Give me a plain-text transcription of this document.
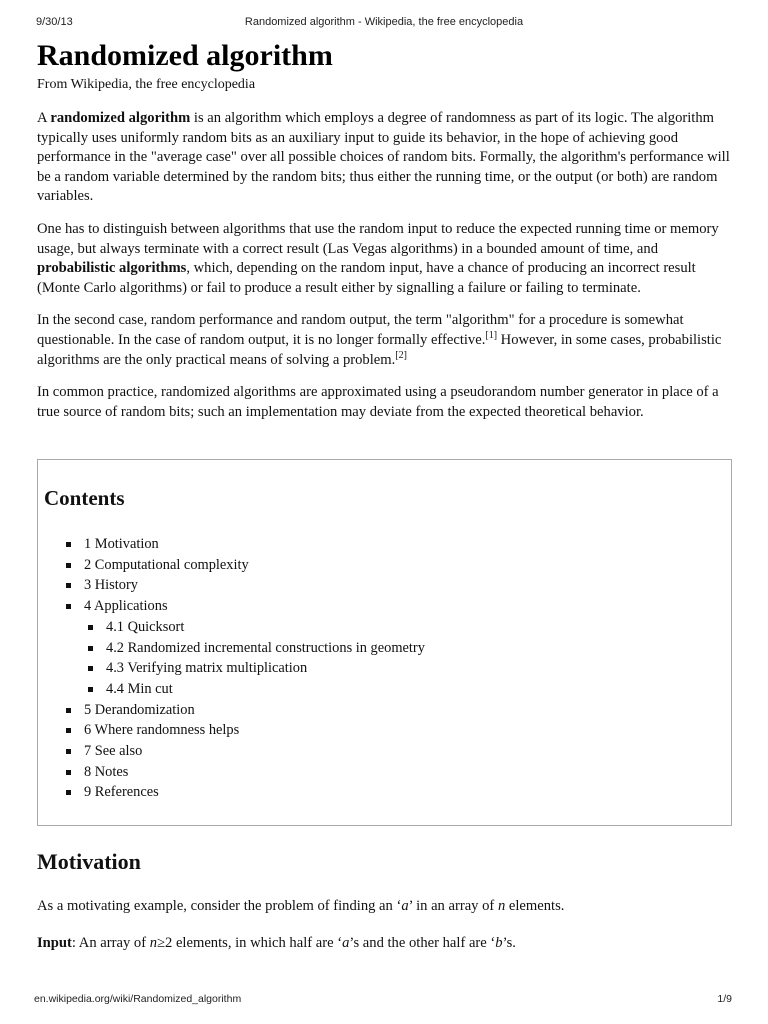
9/30/13	Randomized algorithm - Wikipedia, the free encyclopedia
Randomized algorithm
From Wikipedia, the free encyclopedia

A randomized algorithm is an algorithm which employs a degree of randomness as part of its logic. The algorithm typically uses uniformly random bits as an auxiliary input to guide its behavior, in the hope of achieving good performance in the "average case" over all possible choices of random bits. Formally, the algorithm's performance will be a random variable determined by the random bits; thus either the running time, or the output (or both) are random variables.

One has to distinguish between algorithms that use the random input to reduce the expected running time or memory usage, but always terminate with a correct result (Las Vegas algorithms) in a bounded amount of time, and probabilistic algorithms, which, depending on the random input, have a chance of producing an incorrect result (Monte Carlo algorithms) or fail to produce a result either by signalling a failure or failing to terminate.

In the second case, random performance and random output, the term "algorithm" for a procedure is somewhat questionable. In the case of random output, it is no longer formally effective.[1] However, in some cases, probabilistic algorithms are the only practical means of solving a problem.[2]

In common practice, randomized algorithms are approximated using a pseudorandom number generator in place of a true source of random bits; such an implementation may deviate from the expected theoretical behavior.

Contents
1 Motivation
2 Computational complexity
3 History
4 Applications
4.1 Quicksort
4.2 Randomized incremental constructions in geometry
4.3 Verifying matrix multiplication
4.4 Min cut
5 Derandomization
6 Where randomness helps
7 See also
8 Notes
9 References
Motivation

As a motivating example, consider the problem of finding an ‘a’ in an array of n elements.

Input: An array of n≥2 elements, in which half are ‘a’s and the other half are ‘b’s.

en.wikipedia.org/wiki/Randomized_algorithm	1/9
